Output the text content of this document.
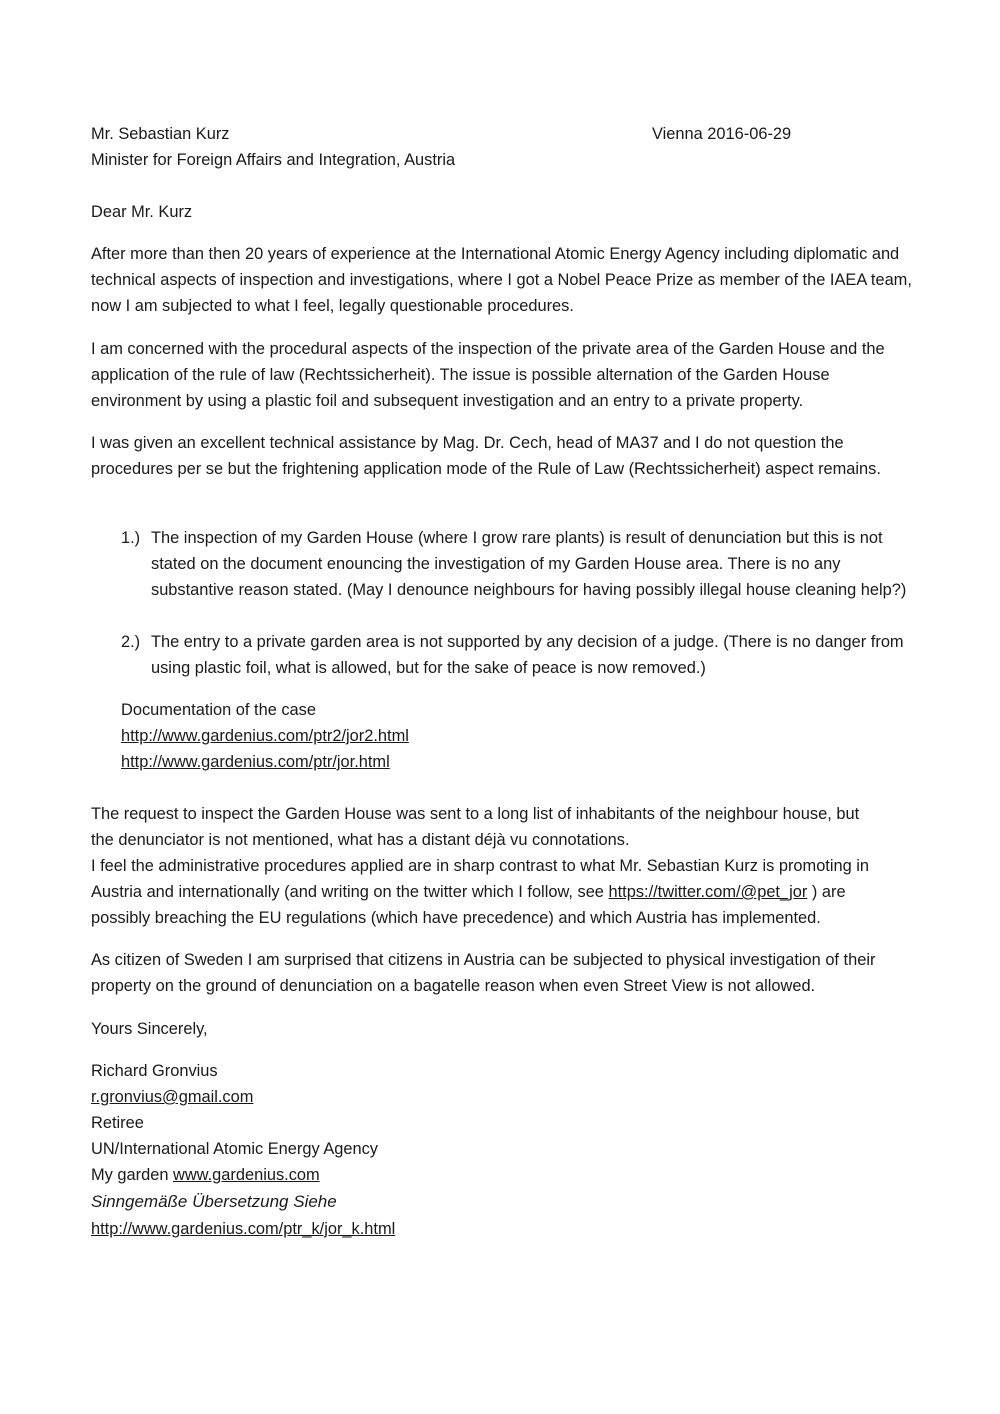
Mr. Sebastian Kurz	Vienna 2016-06-29
Minister for Foreign Affairs and Integration, Austria
Dear Mr. Kurz

After more than then 20 years of experience at the International Atomic Energy Agency including diplomatic and technical aspects of inspection and investigations, where I got a Nobel Peace Prize as member of the IAEA team, now I am subjected to what I feel, legally questionable procedures.

I am concerned with the procedural aspects of the inspection of the private area of the Garden House and the application of the rule of law (Rechtssicherheit). The issue is possible alternation of the Garden House environment by using a plastic foil and subsequent investigation and an entry to a private property.

I was given an excellent technical assistance by Mag. Dr. Cech, head of MA37 and I do not question the procedures per se but the frightening application mode of the Rule of Law (Rechtssicherheit) aspect remains.

1.) The inspection of my Garden House (where I grow rare plants) is result of denunciation but this is not stated on the document enouncing the investigation of my Garden House area. There is no any substantive reason stated. (May I denounce neighbours for having possibly illegal house cleaning help?)

2.) The entry to a private garden area is not supported by any decision of a judge. (There is no danger from using plastic foil, what is allowed, but for the sake of peace is now removed.)

Documentation of the case
http://www.gardenius.com/ptr2/jor2.html
http://www.gardenius.com/ptr/jor.html
The request to inspect the Garden House was sent to a long list of inhabitants of the neighbour house, but
the denunciator is not mentioned, what has a distant déjà vu connotations.
I feel the administrative procedures applied are in sharp contrast to what Mr. Sebastian Kurz is promoting in
Austria and internationally (and writing on the twitter which I follow, see https://twitter.com/@pet_jor ) are
possibly breaching the EU regulations (which have precedence) and which Austria has implemented.

As citizen of Sweden I am surprised that citizens in Austria can be subjected to physical investigation of their property on the ground of denunciation on a bagatelle reason when even Street View is not allowed.

Yours Sincerely,
Richard Gronvius
r.gronvius@gmail.com
Retiree
UN/International Atomic Energy Agency
My garden www.gardenius.com
Sinngemäße Übersetzung Siehe
http://www.gardenius.com/ptr_k/jor_k.html
